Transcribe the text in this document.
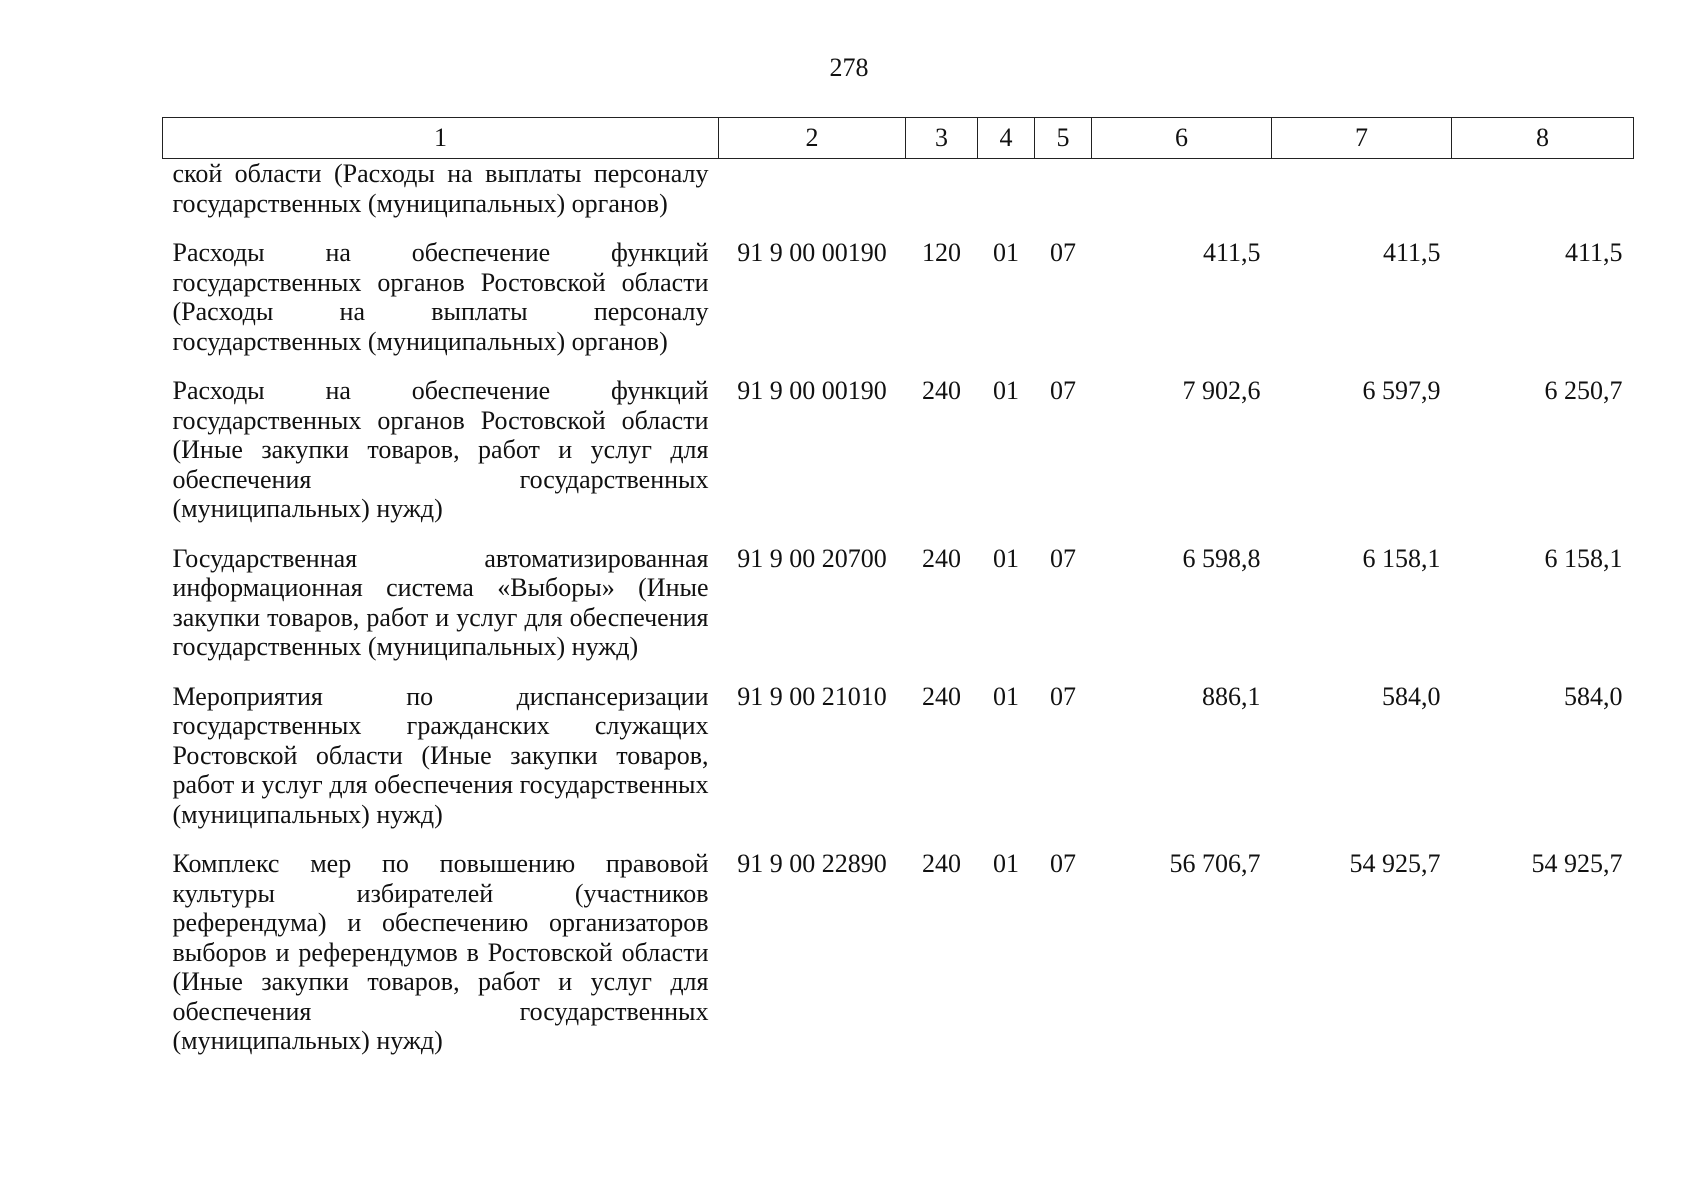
278
1	2	3	4	5	6	7	8
ской области (Расходы на выплаты персоналу государственных (муниципальных) органов)							
Расходы на обеспечение функций государственных органов Ростовской области (Расходы на выплаты персоналу государственных (муниципальных) органов)	91 9 00 00190	120	01	07	411,5	411,5	411,5
Расходы на обеспечение функций государственных органов Ростовской области (Иные закупки товаров, работ и услуг для обеспечения государственных (муниципальных) нужд)	91 9 00 00190	240	01	07	7 902,6	6 597,9	6 250,7
Государственная автоматизированная информационная система «Выборы» (Иные закупки товаров, работ и услуг для обеспечения государственных (муниципальных) нужд)	91 9 00 20700	240	01	07	6 598,8	6 158,1	6 158,1
Мероприятия по диспансеризации государственных гражданских служащих Ростовской области (Иные закупки товаров, работ и услуг для обеспечения государственных (муниципальных) нужд)	91 9 00 21010	240	01	07	886,1	584,0	584,0
Комплекс мер по повышению правовой культуры избирателей (участников референдума) и обеспечению организаторов выборов и референдумов в Ростовской области (Иные закупки товаров, работ и услуг для обеспечения государственных (муниципальных) нужд)	91 9 00 22890	240	01	07	56 706,7	54 925,7	54 925,7
